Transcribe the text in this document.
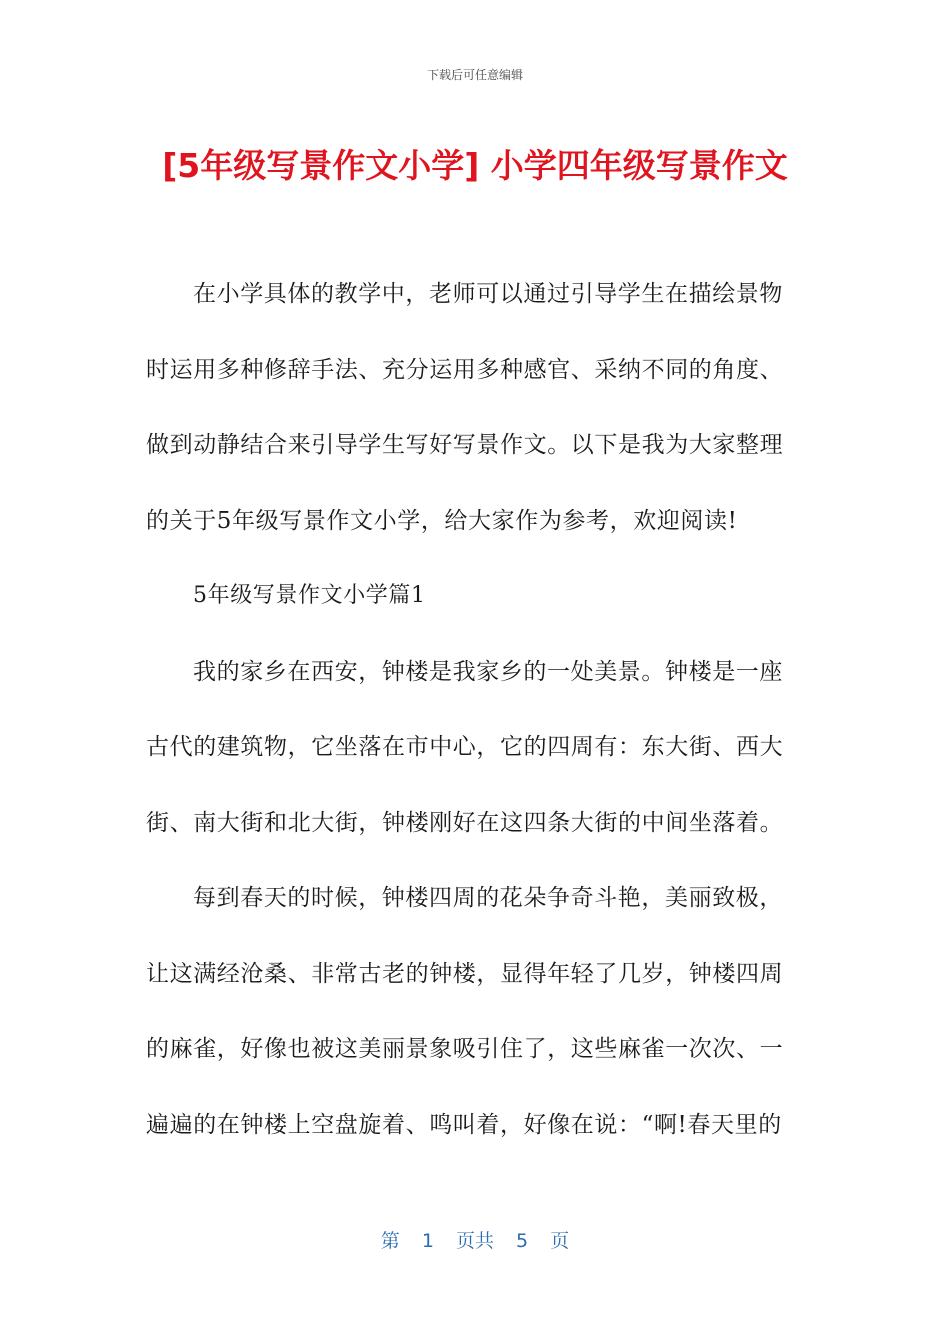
下载后可任意编辑
[5年级写景作文小学] 小学四年级写景作文
在小学具体的教学中，老师可以通过引导学生在描绘景物
时运用多种修辞手法、充分运用多种感官、采纳不同的角度、
做到动静结合来引导学生写好写景作文。以下是我为大家整理
的关于5年级写景作文小学，给大家作为参考，欢迎阅读!
5年级写景作文小学篇1
我的家乡在西安，钟楼是我家乡的一处美景。钟楼是一座
古代的建筑物，它坐落在市中心，它的四周有：东大街、西大
街、南大街和北大街，钟楼刚好在这四条大街的中间坐落着。
每到春天的时候，钟楼四周的花朵争奇斗艳，美丽致极，
让这满经沧桑、非常古老的钟楼，显得年轻了几岁，钟楼四周
的麻雀，好像也被这美丽景象吸引住了，这些麻雀一次次、一
遍遍的在钟楼上空盘旋着、鸣叫着，好像在说：“啊!春天里的
第 1 页共 5 页
